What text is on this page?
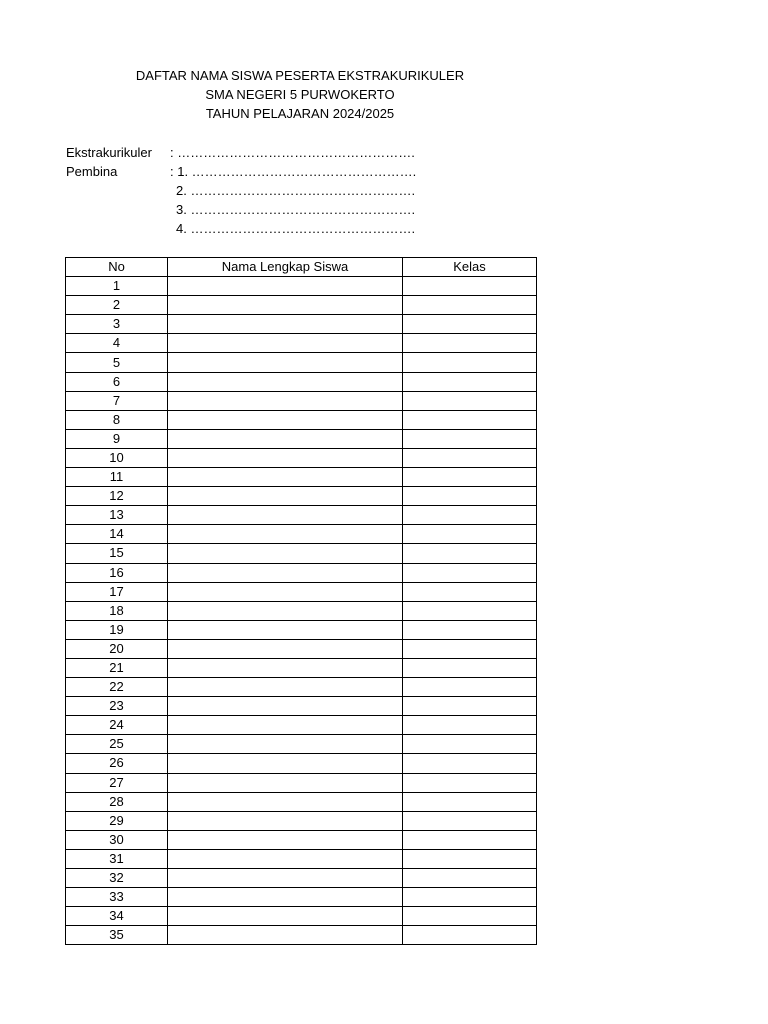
DAFTAR NAMA SISWA PESERTA EKSTRAKURIKULER
SMA NEGERI 5 PURWOKERTO
TAHUN PELAJARAN 2024/2025
Ekstrakurikuler : ……………………………………………….
Pembina	: 1. …………………………………………….
2. …………………………………………….
3. …………………………………………….
4. …………………………………………….
No	Nama Lengkap Siswa	Kelas
1		
2		
3		
4		
5		
6		
7		
8		
9		
10		
11		
12		
13		
14		
15		
16		
17		
18		
19		
20		
21		
22		
23		
24		
25		
26		
27		
28		
29		
30		
31		
32		
33		
34		
35		
